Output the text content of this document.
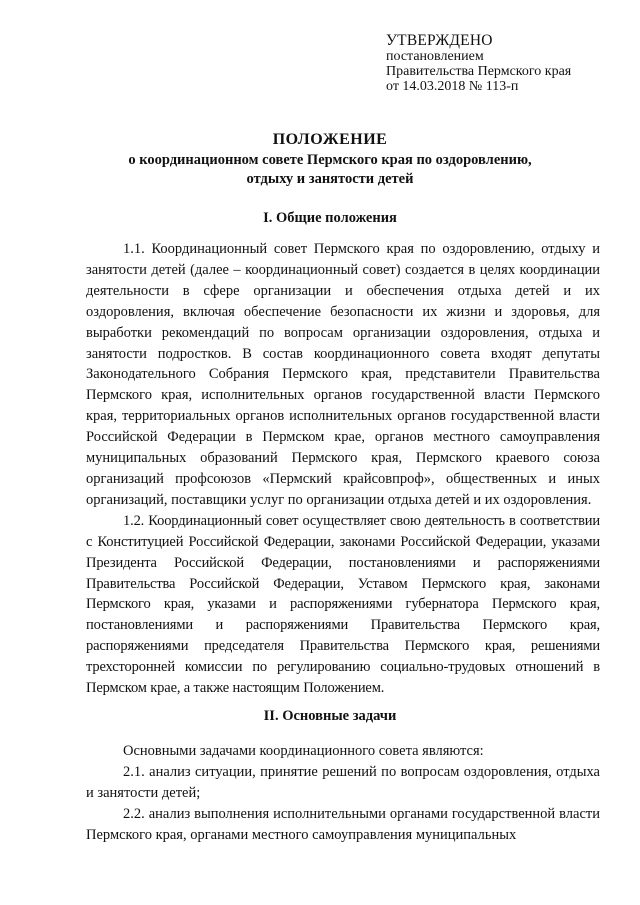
УТВЕРЖДЕНО
постановлением
Правительства Пермского края
от 14.03.2018 № 113-п
ПОЛОЖЕНИЕ
о координационном совете Пермского края по оздоровлению,
отдыху и занятости детей
I. Общие положения

1.1. Координационный совет Пермского края по оздоровлению, отдыху и занятости детей (далее – координационный совет) создается в целях координации деятельности в сфере организации и обеспечения отдыха детей и их оздоровления, включая обеспечение безопасности их жизни и здоровья, для выработки рекомендаций по вопросам организации оздоровления, отдыха и занятости подростков. В состав координационного совета входят депутаты Законодательного Собрания Пермского края, представители Правительства Пермского края, исполнительных органов государственной власти Пермского края, территориальных органов исполнительных органов государственной власти Российской Федерации в Пермском крае, органов местного самоуправления муниципальных образований Пермского края, Пермского краевого союза организаций профсоюзов «Пермский крайсовпроф», общественных и иных организаций, поставщики услуг по организации отдыха детей и их оздоровления.

1.2. Координационный совет осуществляет свою деятельность в соответствии с Конституцией Российской Федерации, законами Российской Федерации, указами Президента Российской Федерации, постановлениями и распоряжениями Правительства Российской Федерации, Уставом Пермского края, законами Пермского края, указами и распоряжениями губернатора Пермского края, постановлениями и распоряжениями Правительства Пермского края, распоряжениями председателя Правительства Пермского края, решениями трехсторонней комиссии по регулированию социально-трудовых отношений в Пермском крае, а также настоящим Положением.

II. Основные задачи

Основными задачами координационного совета являются:

2.1. анализ ситуации, принятие решений по вопросам оздоровления, отдыха и занятости детей;

2.2. анализ выполнения исполнительными органами государственной власти Пермского края, органами местного самоуправления муниципальных
